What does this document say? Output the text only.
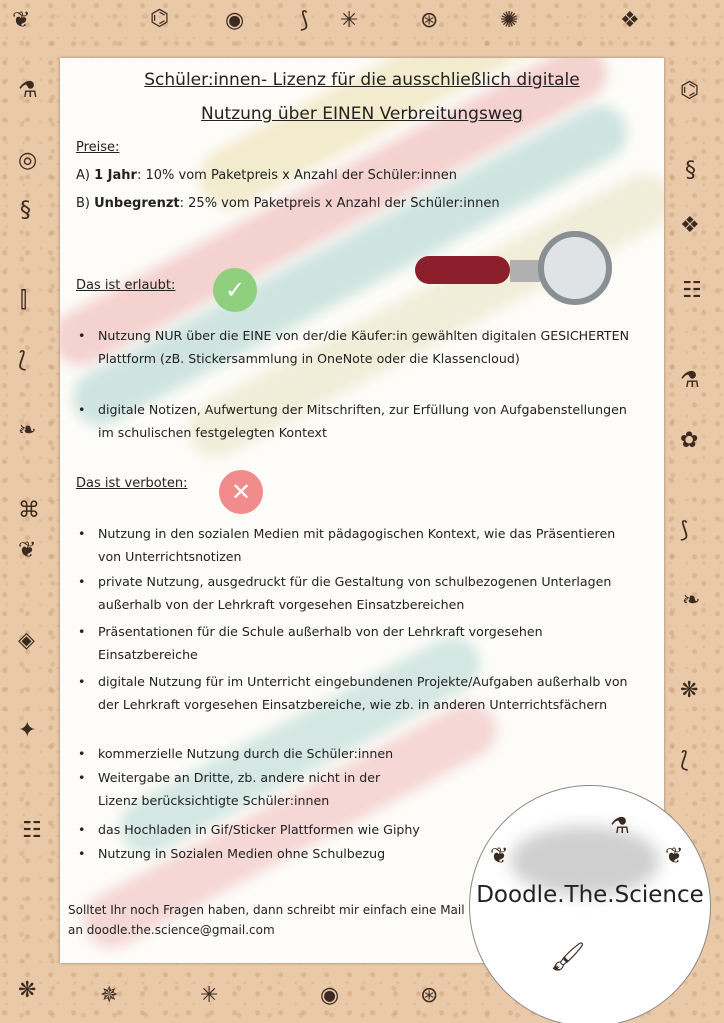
❦	⌬	◉	⟆ ✳	⊛	✺	❖
⚗
◎
§
⫿
⟅
❧
⌘
❦
◈
✦
☷
❋	✵	✳	◉	⊛
⌬
§
❖
☷
⚗
✿
⟆
❧
❋
⟅
Schüler:innen- Lizenz für die ausschließlich digitale
Nutzung über EINEN Verbreitungsweg
Preise:
A) 1 Jahr: 10% vom Paketpreis x Anzahl der Schüler:innen
B) Unbegrenzt: 25% vom Paketpreis x Anzahl der Schüler:innen
Das ist erlaubt:	✓
• Nutzung NUR über die EINE von der/die Käufer:in gewählten digitalen GESICHERTEN Plattform (zB. Stickersammlung in OneNote oder die Klassencloud)
• digitale Notizen, Aufwertung der Mitschriften, zur Erfüllung von Aufgabenstellungen im schulischen festgelegten Kontext
Das ist verboten:	✕
• Nutzung in den sozialen Medien mit pädagogischen Kontext, wie das Präsentieren von Unterrichtsnotizen
• private Nutzung, ausgedruckt für die Gestaltung von schulbezogenen Unterlagen außerhalb von der Lehrkraft vorgesehen Einsatzbereichen
• Präsentationen für die Schule außerhalb von der Lehrkraft vorgesehen Einsatzbereiche
• digitale Nutzung für im Unterricht eingebundenen Projekte/Aufgaben außerhalb von der Lehrkraft vorgesehen Einsatzbereiche, wie zb. in anderen Unterrichtsfächern
• kommerzielle Nutzung durch die Schüler:innen
• Weitergabe an Dritte, zb. andere nicht in der Lizenz berücksichtigte Schüler:innen
• das Hochladen in Gif/Sticker Plattformen wie Giphy
• Nutzung in Sozialen Medien ohne Schulbezug
Solltet Ihr noch Fragen haben, dann schreibt mir einfach eine Mail
an doodle.the.science@gmail.com
⚗
❦	❦
Doodle.The.Science
🖌
